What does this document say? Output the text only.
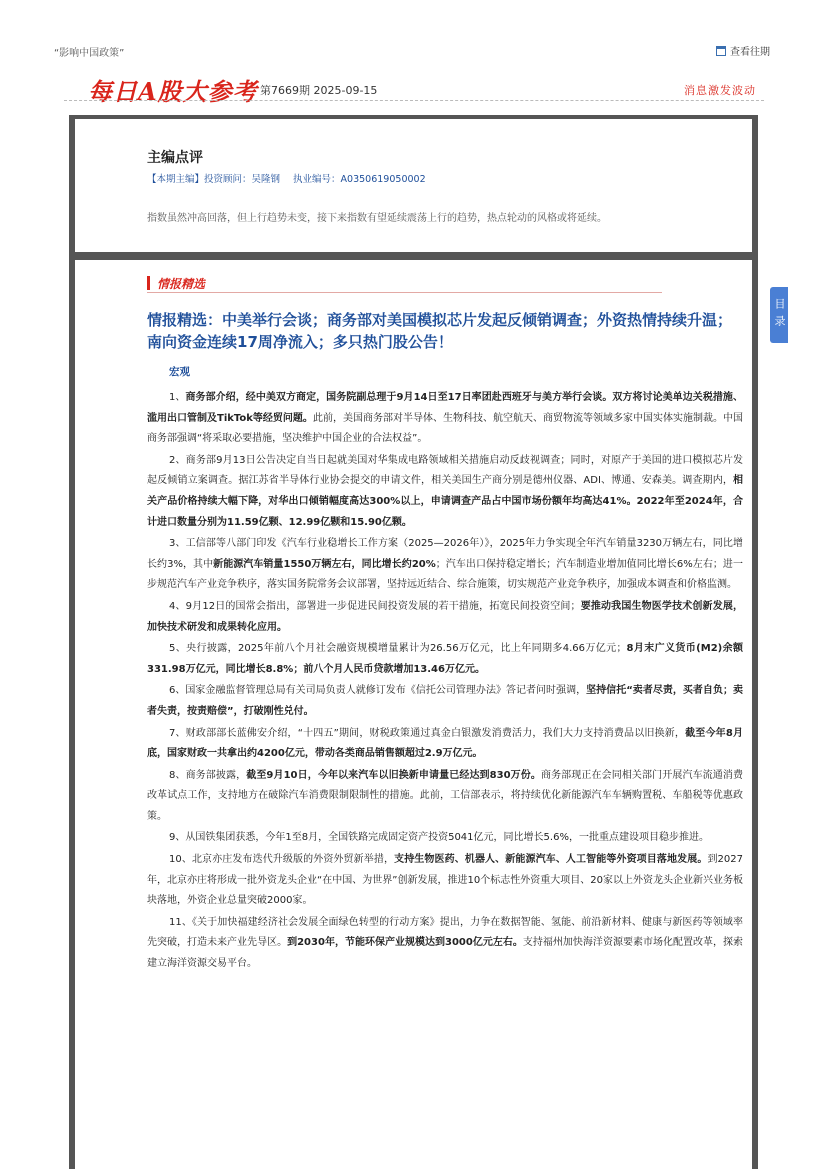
“影响中国政策”	查看往期
每日A股大参考 第7669期 2025-09-15	消息激发波动
主编点评
【本期主编】投资顾问：吴隆钢 执业编号：A0350619050002
指数虽然冲高回落，但上行趋势未变，接下来指数有望延续震荡上行的趋势，热点轮动的风格或将延续。
情报精选
情报精选：中美举行会谈；商务部对美国模拟芯片发起反倾销调查；外资热情持续升温；南向资金连续17周净流入；多只热门股公告！
宏观

1、商务部介绍，经中美双方商定，国务院副总理于9月14日至17日率团赴西班牙与美方举行会谈。双方将讨论美单边关税措施、滥用出口管制及TikTok等经贸问题。此前，美国商务部对半导体、生物科技、航空航天、商贸物流等领域多家中国实体实施制裁。中国商务部强调“将采取必要措施，坚决维护中国企业的合法权益”。

2、商务部9月13日公告决定自当日起就美国对华集成电路领域相关措施启动反歧视调查；同时，对原产于美国的进口模拟芯片发起反倾销立案调查。据江苏省半导体行业协会提交的申请文件，相关美国生产商分别是德州仪器、ADI、博通、安森美。调查期内，相关产品价格持续大幅下降，对华出口倾销幅度高达300%以上，申请调查产品占中国市场份额年均高达41%。2022年至2024年，合计进口数量分别为11.59亿颗、12.99亿颗和15.90亿颗。

3、工信部等八部门印发《汽车行业稳增长工作方案（2025—2026年）》，2025年力争实现全年汽车销量3230万辆左右，同比增长约3%，其中新能源汽车销量1550万辆左右，同比增长约20%；汽车出口保持稳定增长；汽车制造业增加值同比增长6%左右；进一步规范汽车产业竞争秩序，落实国务院常务会议部署，坚持远近结合、综合施策，切实规范产业竞争秩序，加强成本调查和价格监测。

4、9月12日的国常会指出，部署进一步促进民间投资发展的若干措施，拓宽民间投资空间；要推动我国生物医学技术创新发展，加快技术研发和成果转化应用。

5、央行披露，2025年前八个月社会融资规模增量累计为26.56万亿元，比上年同期多4.66万亿元；8月末广义货币(M2)余额331.98万亿元，同比增长8.8%；前八个月人民币贷款增加13.46万亿元。

6、国家金融监督管理总局有关司局负责人就修订发布《信托公司管理办法》答记者问时强调，坚持信托“卖者尽责，买者自负；卖者失责，按责赔偿”，打破刚性兑付。

7、财政部部长蓝佛安介绍，“十四五”期间，财税政策通过真金白银激发消费活力，我们大力支持消费品以旧换新，截至今年8月底，国家财政一共拿出约4200亿元，带动各类商品销售额超过2.9万亿元。

8、商务部披露，截至9月10日，今年以来汽车以旧换新申请量已经达到830万份。商务部现正在会同相关部门开展汽车流通消费改革试点工作，支持地方在破除汽车消费限制限制性的措施。此前，工信部表示，将持续优化新能源汽车车辆购置税、车船税等优惠政策。

9、从国铁集团获悉，今年1至8月，全国铁路完成固定资产投资5041亿元，同比增长5.6%，一批重点建设项目稳步推进。

10、北京亦庄发布迭代升级版的外资外贸新举措，支持生物医药、机器人、新能源汽车、人工智能等外资项目落地发展。到2027年，北京亦庄将形成一批外资龙头企业“在中国、为世界”创新发展，推进10个标志性外资重大项目、20家以上外资龙头企业新兴业务板块落地，外资企业总量突破2000家。

11、《关于加快福建经济社会发展全面绿色转型的行动方案》提出，力争在数据智能、氢能、前沿新材料、健康与新医药等领域率先突破，打造未来产业先导区。到2030年，节能环保产业规模达到3000亿元左右。支持福州加快海洋资源要素市场化配置改革，探索建立海洋资源交易平台。

目录
